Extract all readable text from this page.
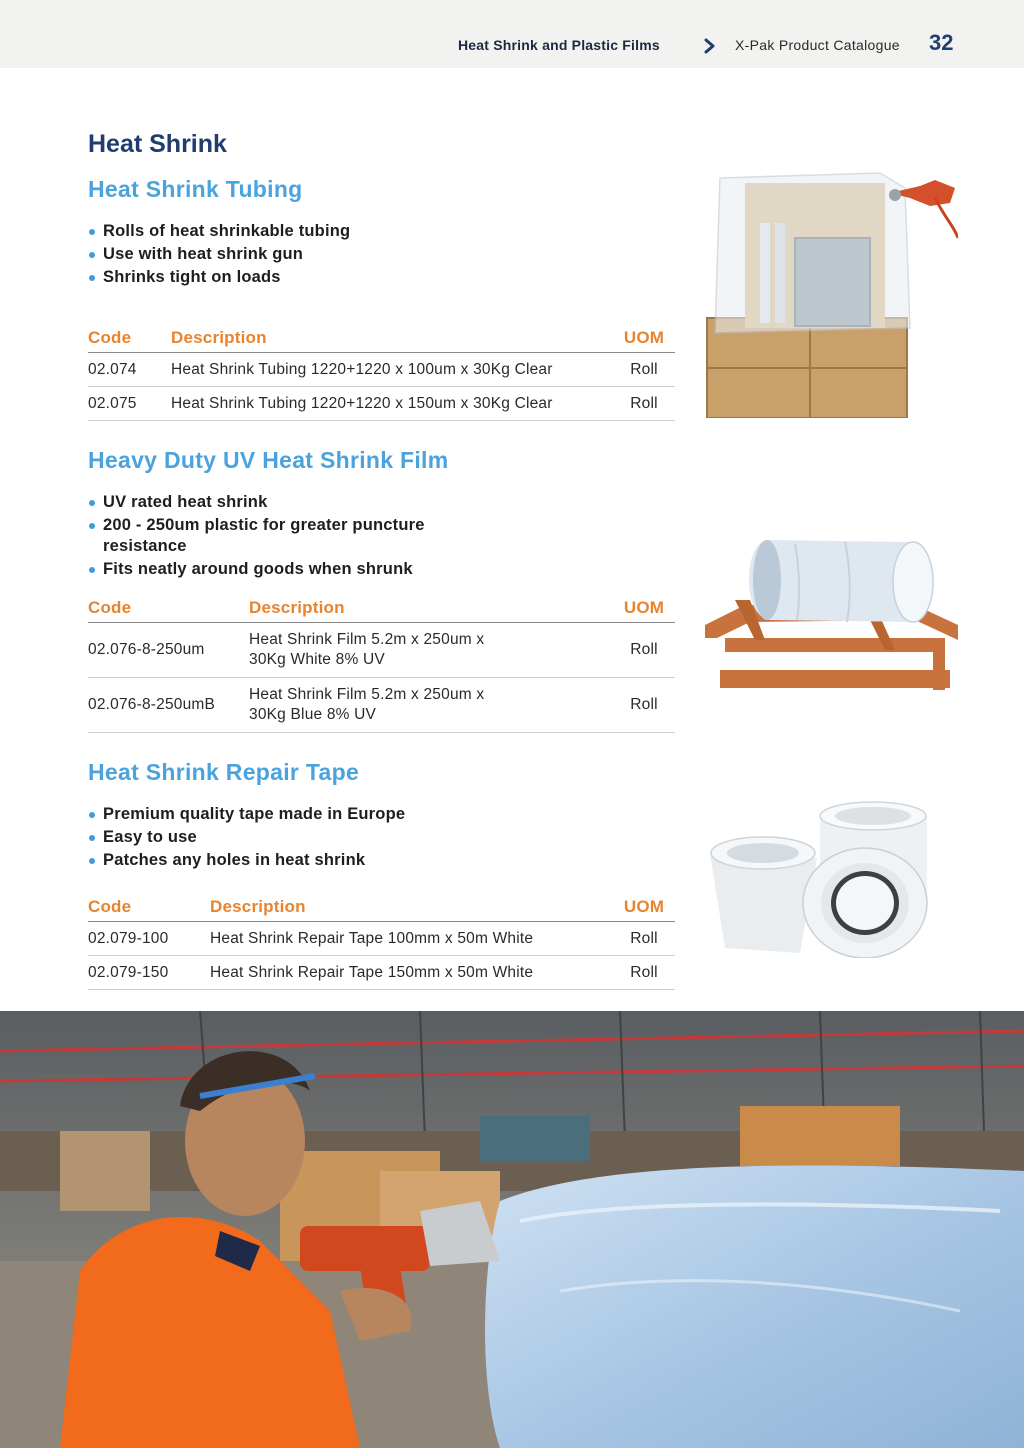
Heat Shrink and Plastic Films	X-Pak Product Catalogue 32
Heat Shrink
Heat Shrink Tubing
Rolls of heat shrinkable tubing
Use with heat shrink gun
Shrinks tight on loads
Code	Description	UOM
02.074	Heat Shrink Tubing 1220+1220 x 100um x 30Kg Clear	Roll
02.075	Heat Shrink Tubing 1220+1220 x 150um x 30Kg Clear	Roll
Heavy Duty UV Heat Shrink Film
UV rated heat shrink
200 - 250um plastic for greater puncture resistance
Fits neatly around goods when shrunk
Code	Description	UOM
02.076-8-250um	Heat Shrink Film 5.2m x 250um x 30Kg White 8% UV	Roll
02.076-8-250umB	Heat Shrink Film 5.2m x 250um x 30Kg Blue 8% UV	Roll
Heat Shrink Repair Tape
Premium quality tape made in Europe
Easy to use
Patches any holes in heat shrink
Code	Description	UOM
02.079-100	Heat Shrink Repair Tape 100mm x 50m White	Roll
02.079-150	Heat Shrink Repair Tape 150mm x 50m White	Roll
